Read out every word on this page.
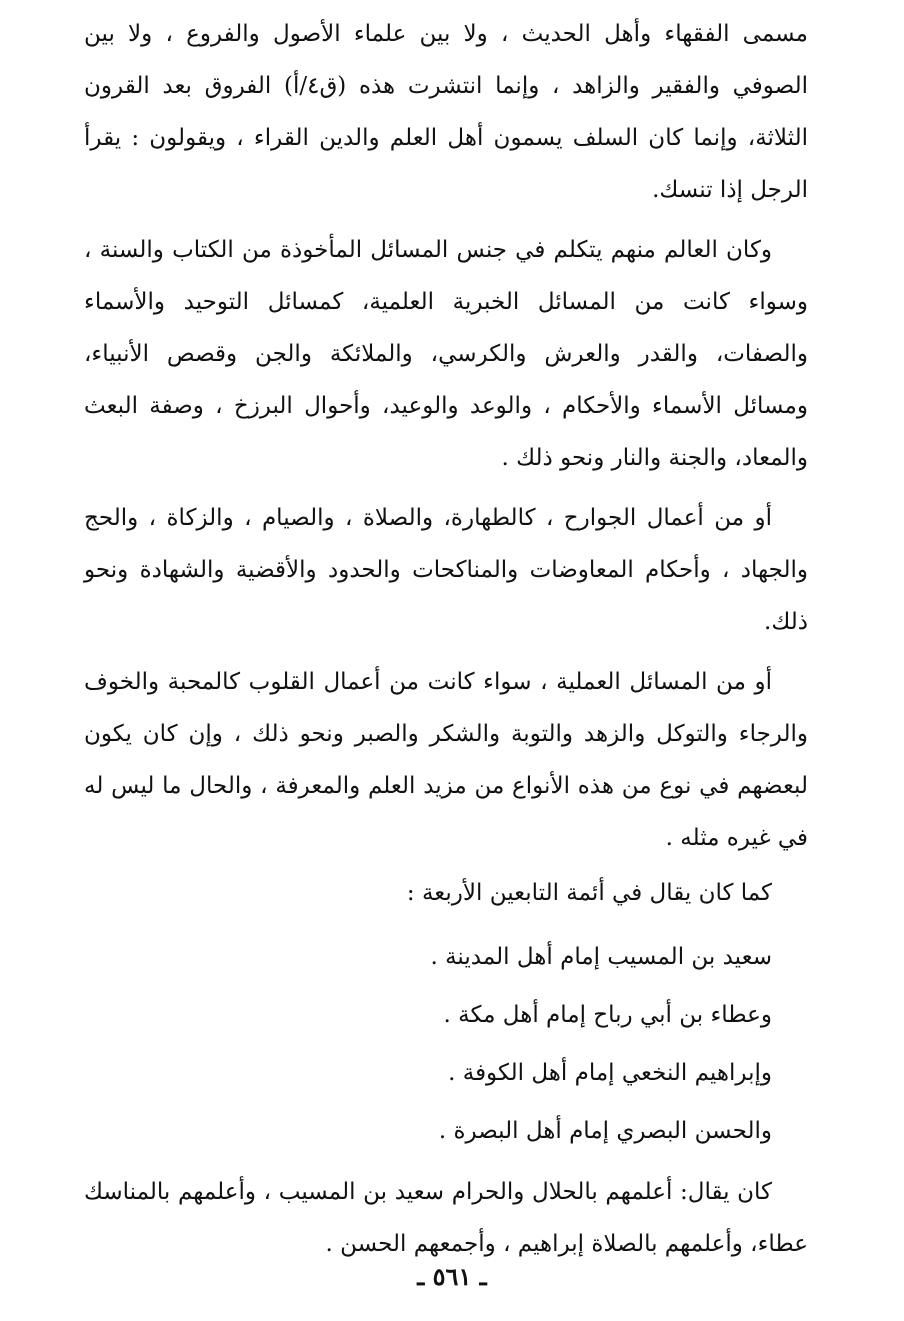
مسمى الفقهاء وأهل الحديث ، ولا بين علماء الأصول والفروع ، ولا بين الصوفي والفقير والزاهد ، وإنما انتشرت هذه (ق٤/أ) الفروق بعد القرون الثلاثة، وإنما كان السلف يسمون أهل العلم والدين القراء ، ويقولون : يقرأ الرجل إذا تنسك.

وكان العالم منهم يتكلم في جنس المسائل المأخوذة من الكتاب والسنة ، وسواء كانت من المسائل الخبرية العلمية، كمسائل التوحيد والأسماء والصفات، والقدر والعرش والكرسي، والملائكة والجن وقصص الأنبياء، ومسائل الأسماء والأحكام ، والوعد والوعيد، وأحوال البرزخ ، وصفة البعث والمعاد، والجنة والنار ونحو ذلك .

أو من أعمال الجوارح ، كالطهارة، والصلاة ، والصيام ، والزكاة ، والحج والجهاد ، وأحكام المعاوضات والمناكحات والحدود والأقضية والشهادة ونحو ذلك.

أو من المسائل العملية ، سواء كانت من أعمال القلوب كالمحبة والخوف والرجاء والتوكل والزهد والتوبة والشكر والصبر ونحو ذلك ، وإن كان يكون لبعضهم في نوع من هذه الأنواع من مزيد العلم والمعرفة ، والحال ما ليس له في غيره مثله .

كما كان يقال في أئمة التابعين الأربعة :

سعيد بن المسيب إمام أهل المدينة .

وعطاء بن أبي رباح إمام أهل مكة .

وإبراهيم النخعي إمام أهل الكوفة .

والحسن البصري إمام أهل البصرة .

كان يقال: أعلمهم بالحلال والحرام سعيد بن المسيب ، وأعلمهم بالمناسك عطاء، وأعلمهم بالصلاة إبراهيم ، وأجمعهم الحسن .

ـ ٥٦١ ـ
